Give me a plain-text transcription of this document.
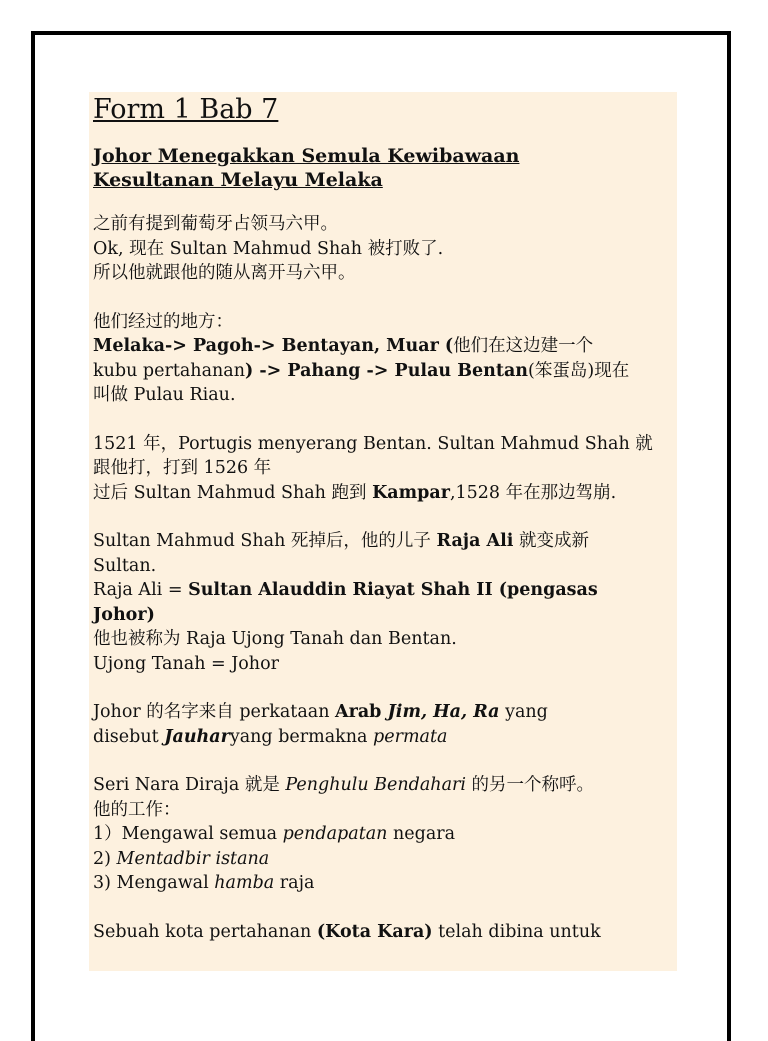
Form 1 Bab 7
Johor Menegakkan Semula Kewibawaan
Kesultanan Melayu Melaka
之前有提到葡萄牙占领马六甲。
Ok, 现在 Sultan Mahmud Shah 被打败了.
所以他就跟他的随从离开马六甲。
他们经过的地方：
Melaka-> Pagoh-> Bentayan, Muar (他们在这边建一个
kubu pertahanan) -> Pahang -> Pulau Bentan(笨蛋岛)现在
叫做 Pulau Riau.
1521 年，Portugis menyerang Bentan. Sultan Mahmud Shah 就
跟他打，打到 1526 年
过后 Sultan Mahmud Shah 跑到 Kampar,1528 年在那边驾崩.
Sultan Mahmud Shah 死掉后，他的儿子 Raja Ali 就变成新
Sultan.
Raja Ali = Sultan Alauddin Riayat Shah II (pengasas
Johor)
他也被称为 Raja Ujong Tanah dan Bentan.
Ujong Tanah = Johor
Johor 的名字来自 perkataan Arab Jim, Ha, Ra yang
disebut Jauharyang bermakna permata
Seri Nara Diraja 就是 Penghulu Bendahari 的另一个称呼。
他的工作：
1）Mengawal semua pendapatan negara
2) Mentadbir istana
3) Mengawal hamba raja
Sebuah kota pertahanan (Kota Kara) telah dibina untuk
